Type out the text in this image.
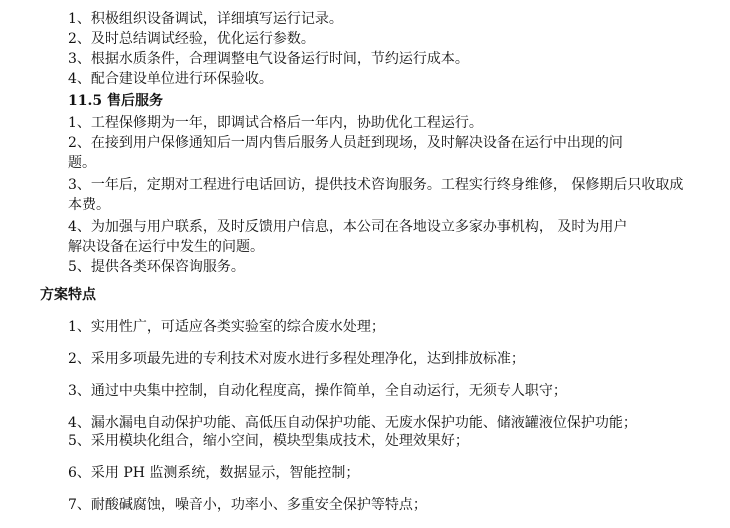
1、积极组织设备调试，详细填写运行记录。
2、及时总结调试经验，优化运行参数。
3、根据水质条件，合理调整电气设备运行时间，节约运行成本。
4、配合建设单位进行环保验收。
11.5 售后服务
1、工程保修期为一年，即调试合格后一年内，协助优化工程运行。
2、在接到用户保修通知后一周内售后服务人员赶到现场，及时解决设备在运行中出现的问
题。
3、一年后，定期对工程进行电话回访，提供技术咨询服务。工程实行终身维修， 保修期后只收取成
本费。
4、为加强与用户联系，及时反馈用户信息，本公司在各地设立多家办事机构， 及时为用户
解决设备在运行中发生的问题。
5、提供各类环保咨询服务。
方案特点
1、实用性广，可适应各类实验室的综合废水处理；
2、采用多项最先进的专利技术对废水进行多程处理净化，达到排放标准；
3、通过中央集中控制，自动化程度高，操作简单，全自动运行，无须专人职守；
4、漏水漏电自动保护功能、高低压自动保护功能、无废水保护功能、储液罐液位保护功能；
5、采用模块化组合，缩小空间，模块型集成技术，处理效果好；
6、采用 PH 监测系统，数据显示，智能控制；
7、耐酸碱腐蚀，噪音小，功率小、多重安全保护等特点；
